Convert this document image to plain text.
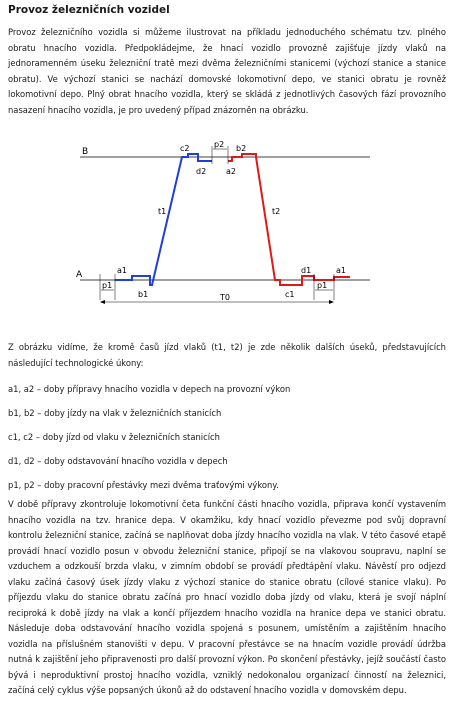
Provoz železničních vozidel

Provoz železničního vozidla si můžeme ilustrovat na příkladu jednoduchého schématu tzv. plného obratu hnacího vozidla. Předpokládejme, že hnací vozidlo provozně zajišťuje jízdy vlaků na jednoramenném úseku železniční tratě mezi dvěma železničními stanicemi (výchozí stanice a stanice obratu). Ve výchozí stanici se nachází domovské lokomotivní depo, ve stanici obratu je rovněž lokomotivní depo. Plný obrat hnacího vozidla, který se skládá z jednotlivých časových fází provozního nasazení hnacího vozidla, je pro uvedený případ znázorněn na obrázku.

B
A
c2	p2 b2
d2 a2
t1	t2
a1
b1
p1
d1
c1
a1
p1
T0

Z obrázku vidíme, že kromě časů jízd vlaků (t1, t2) je zde několik dalších úseků, představujících následující technologické úkony:

a1, a2 – doby přípravy hnacího vozidla v depech na provozní výkon

b1, b2 – doby jízdy na vlak v železničních stanicích

c1, c2 – doby jízd od vlaku v železničních stanicích

d1, d2 – doby odstavování hnacího vozidla v depech

p1, p2 – doby pracovní přestávky mezi dvěma traťovými výkony.

V době přípravy zkontroluje lokomotivní četa funkční části hnacího vozidla, připrava končí vystavením hnacího vozidla na tzv. hranice depa. V okamžiku, kdy hnací vozidlo převezme pod svůj dopravní kontrolu železniční stanice, začíná se naplňovat doba jízdy hnacího vozidla na vlak. V této časové etapě provádí hnací vozidlo posun v obvodu železniční stanice, připojí se na vlakovou soupravu, naplní se vzduchem a odzkouší brzda vlaku, v zimním období se provádí předtápění vlaku. Návěstí pro odjezd vlaku začíná časový úsek jízdy vlaku z výchozí stanice do stanice obratu (cílové stanice vlaku). Po příjezdu vlaku do stanice obratu začíná pro hnací vozidlo doba jízdy od vlaku, která je svojí náplní reciproká k době jízdy na vlak a končí příjezdem hnacího vozidla na hranice depa ve stanici obratu. Následuje doba odstavování hnacího vozidla spojená s posunem, umístěním a zajištěním hnacího vozidla na příslušném stanovišti v depu. V pracovní přestávce se na hnacím vozidle provádí údržba nutná k zajištění jeho připravenosti pro další provozní výkon. Po skončení přestávky, jejíž součástí často bývá i neproduktivní prostoj hnacího vozidla, vzniklý nedokonalou organizací činností na železnici, začíná celý cyklus výše popsaných úkonů až do odstavení hnacího vozidla v domovském depu.
